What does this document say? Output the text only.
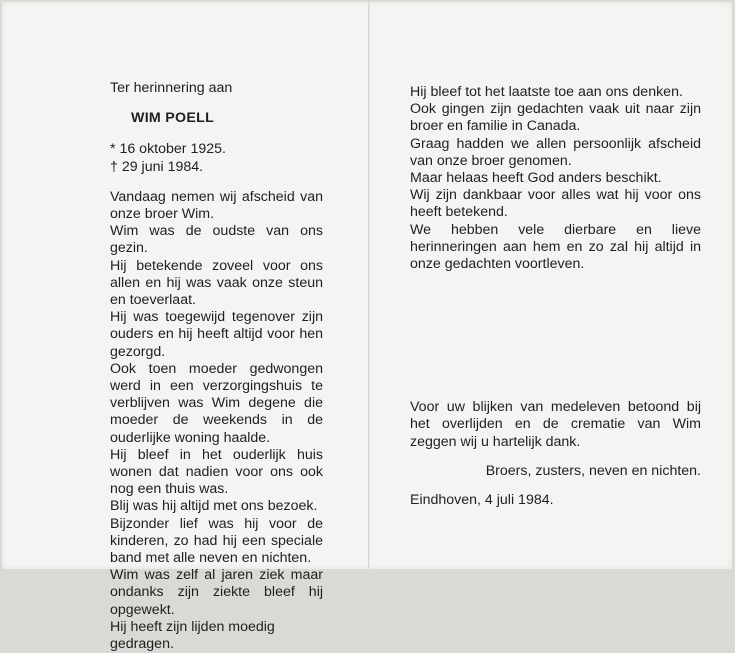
Ter herinnering aan
WIM POELL
* 16 oktober 1925.
† 29 juni 1984.
Vandaag nemen wij afscheid van onze broer Wim.
Wim was de oudste van ons gezin.
Hij betekende zoveel voor ons allen en hij was vaak onze steun en toeverlaat.
Hij was toegewijd tegenover zijn ouders en hij heeft altijd voor hen gezorgd.
Ook toen moeder gedwongen werd in een verzorgingshuis te verblijven was Wim degene die moeder de weekends in de ouderlijke woning haalde.
Hij bleef in het ouderlijk huis wonen dat nadien voor ons ook nog een thuis was.
Blij was hij altijd met ons bezoek.
Bijzonder lief was hij voor de kinderen, zo had hij een speciale band met alle neven en nichten.
Wim was zelf al jaren ziek maar ondanks zijn ziekte bleef hij opgewekt.
Hij heeft zijn lijden moedig gedragen.
Hij bleef tot het laatste toe aan ons denken.
Ook gingen zijn gedachten vaak uit naar zijn broer en familie in Canada.
Graag hadden we allen persoonlijk afscheid van onze broer genomen.
Maar helaas heeft God anders beschikt.
Wij zijn dankbaar voor alles wat hij voor ons heeft betekend.
We hebben vele dierbare en lieve herinneringen aan hem en zo zal hij altijd in onze gedachten voortleven.
Voor uw blijken van medeleven betoond bij het overlijden en de crematie van Wim zeggen wij u hartelijk dank.
Broers, zusters, neven en nichten.
Eindhoven, 4 juli 1984.
